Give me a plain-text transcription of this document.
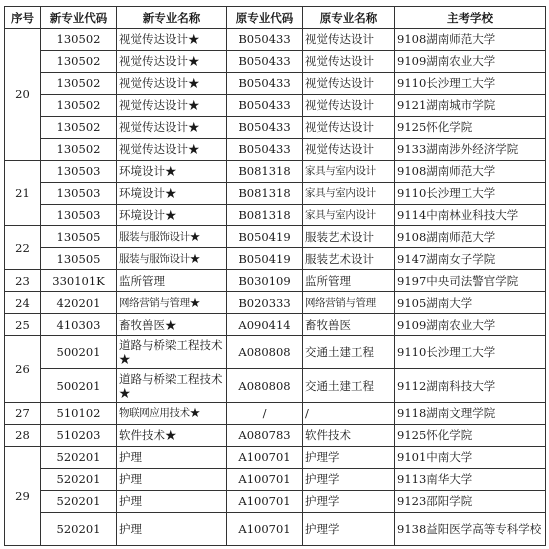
序号	新专业代码	新专业名称	原专业代码	原专业名称	主考学校
20	130502	视觉传达设计★	B050433	视觉传达设计	9108湖南师范大学
	130502	视觉传达设计★	B050433	视觉传达设计	9109湖南农业大学
	130502	视觉传达设计★	B050433	视觉传达设计	9110长沙理工大学
	130502	视觉传达设计★	B050433	视觉传达设计	9121湖南城市学院
	130502	视觉传达设计★	B050433	视觉传达设计	9125怀化学院
	130502	视觉传达设计★	B050433	视觉传达设计	9133湖南涉外经济学院
21	130503	环境设计★	B081318	家具与室内设计	9108湖南师范大学
	130503	环境设计★	B081318	家具与室内设计	9110长沙理工大学
	130503	环境设计★	B081318	家具与室内设计	9114中南林业科技大学
22	130505	服装与服饰设计★	B050419	服装艺术设计	9108湖南师范大学
	130505	服装与服饰设计★	B050419	服装艺术设计	9147湖南女子学院
23	330101K	监所管理	B030109	监所管理	9197中央司法警官学院
24	420201	网络营销与管理★	B020333	网络营销与管理	9105湖南大学
25	410303	畜牧兽医★	A090414	畜牧兽医	9109湖南农业大学
26	500201	道路与桥梁工程技术★	A080808	交通土建工程	9110长沙理工大学
	500201	道路与桥梁工程技术★	A080808	交通土建工程	9112湖南科技大学
27	510102	物联网应用技术★	/	/	9118湖南文理学院
28	510203	软件技术★	A080783	软件技术	9125怀化学院
29	520201	护理	A100701	护理学	9101中南大学
	520201	护理	A100701	护理学	9113南华大学
	520201	护理	A100701	护理学	9123邵阳学院
	520201	护理	A100701	护理学	9138益阳医学高等专科学校
